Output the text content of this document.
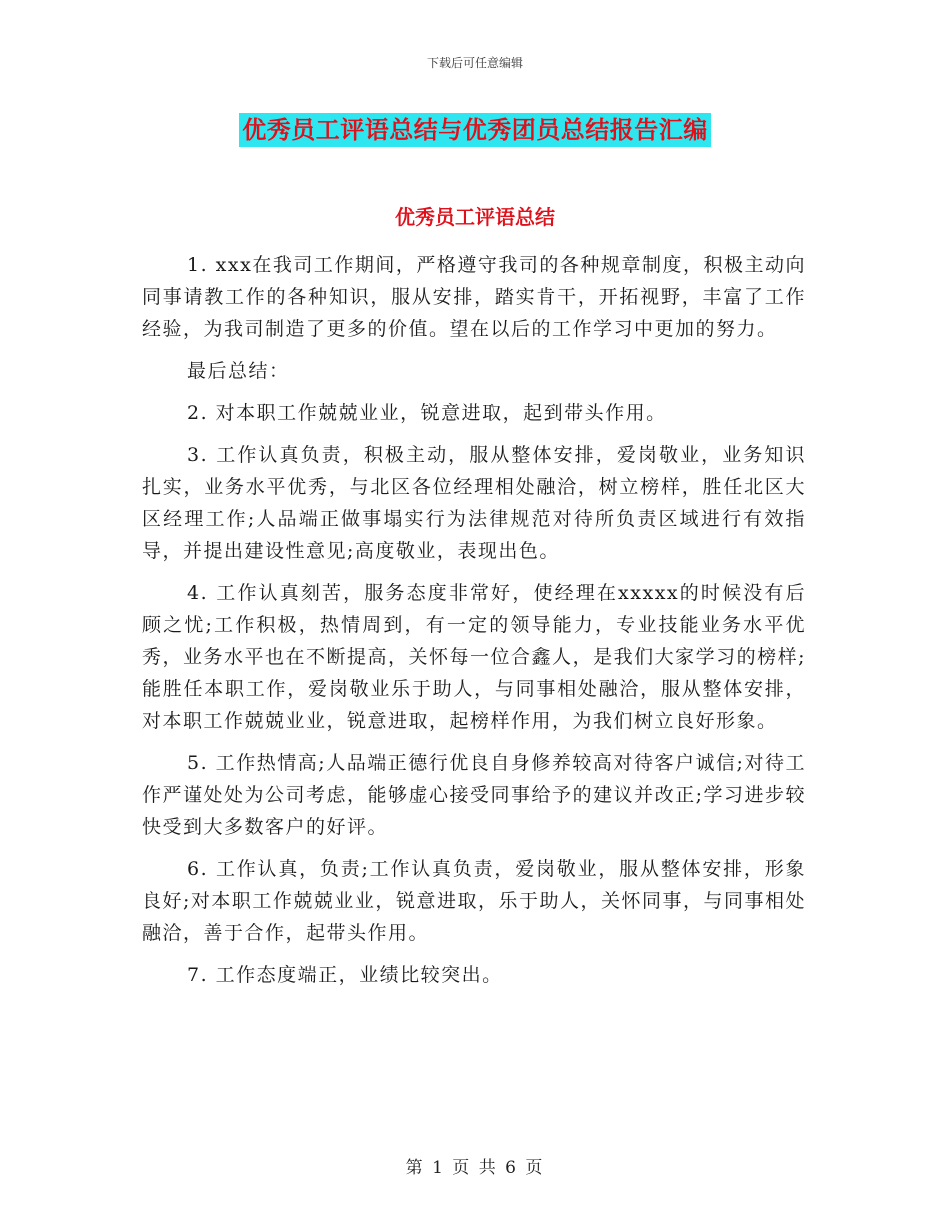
下载后可任意编辑
优秀员工评语总结与优秀团员总结报告汇编
优秀员工评语总结

1. xxx在我司工作期间，严格遵守我司的各种规章制度，积极主动向同事请教工作的各种知识，服从安排，踏实肯干，开拓视野，丰富了工作经验，为我司制造了更多的价值。望在以后的工作学习中更加的努力。

最后总结：

2. 对本职工作兢兢业业，锐意进取，起到带头作用。

3. 工作认真负责，积极主动，服从整体安排，爱岗敬业，业务知识扎实，业务水平优秀，与北区各位经理相处融洽，树立榜样，胜任北区大区经理工作;人品端正做事塌实行为法律规范对待所负责区域进行有效指导，并提出建设性意见;高度敬业，表现出色。

4. 工作认真刻苦，服务态度非常好，使经理在xxxxx的时候没有后顾之忧;工作积极，热情周到，有一定的领导能力，专业技能业务水平优秀，业务水平也在不断提高，关怀每一位合鑫人，是我们大家学习的榜样;能胜任本职工作，爱岗敬业乐于助人，与同事相处融洽，服从整体安排，对本职工作兢兢业业，锐意进取，起榜样作用，为我们树立良好形象。

5. 工作热情高;人品端正德行优良自身修养较高对待客户诚信;对待工作严谨处处为公司考虑，能够虚心接受同事给予的建议并改正;学习进步较快受到大多数客户的好评。

6. 工作认真，负责;工作认真负责，爱岗敬业，服从整体安排，形象良好;对本职工作兢兢业业，锐意进取，乐于助人，关怀同事，与同事相处融洽，善于合作，起带头作用。

7. 工作态度端正，业绩比较突出。

第 1 页 共 6 页
